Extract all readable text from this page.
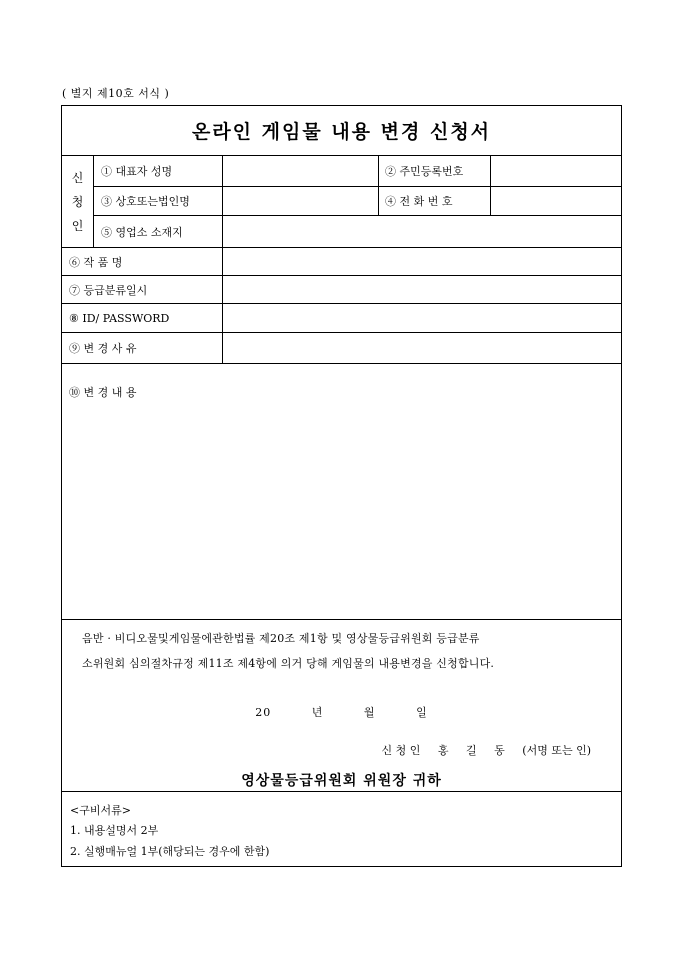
( 별지 제10호 서식 )
온라인 게임물 내용 변경 신청서
신
청
인
① 대표자 성명	② 주민등록번호
③ 상호또는법인명	④ 전 화 번 호
⑤ 영업소 소재지
⑥ 작 품 명
⑦ 등급분류일시
⑧ ID/ PASSWORD
⑨ 변 경 사 유
⑩ 변 경 내 용
음반 · 비디오물및게임물에관한법률 제20조 제1항 및 영상물등급위원회 등급분류
소위원회 심의절차규정 제11조 제4항에 의거 당해 게임물의 내용변경을 신청합니다.
20	년	월	일
신 청 인 홍 길 동 (서명 또는 인)
영상물등급위원회 위원장 귀하
<구비서류>
1. 내용설명서 2부
2. 실행매뉴얼 1부(해당되는 경우에 한함)
